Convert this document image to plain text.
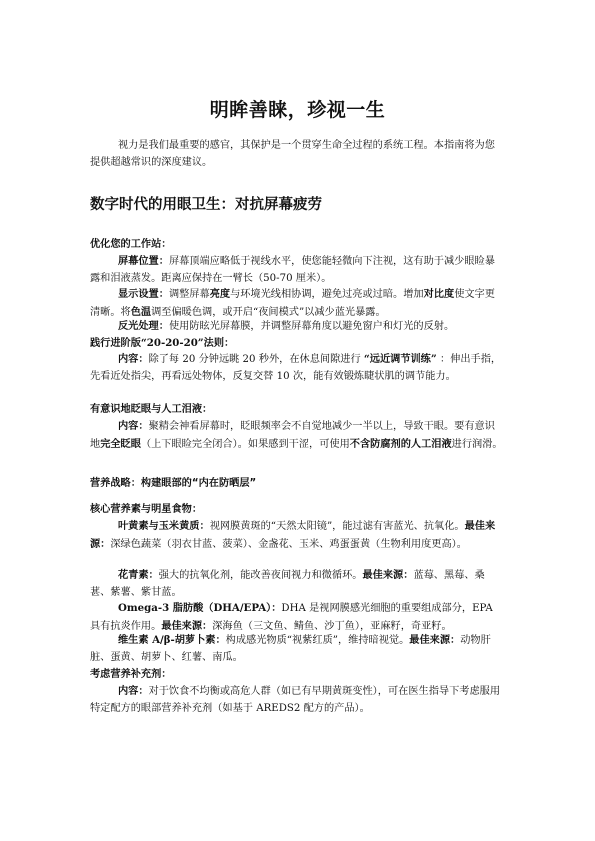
明眸善睐，珍视一生

视力是我们最重要的感官，其保护是一个贯穿生命全过程的系统工程。本指南将为您提供超越常识的深度建议。

数字时代的用眼卫生：对抗屏幕疲劳

优化您的工作站：

屏幕位置：屏幕顶端应略低于视线水平，使您能轻微向下注视，这有助于减少眼睑暴露和泪液蒸发。距离应保持在一臂长（50-70 厘米）。

显示设置：调整屏幕亮度与环境光线相协调，避免过亮或过暗。增加对比度使文字更清晰。将色温调至偏暖色调，或开启“夜间模式”以减少蓝光暴露。

反光处理：使用防眩光屏幕膜，并调整屏幕角度以避免窗户和灯光的反射。

践行进阶版“20-20-20”法则：

内容：除了每 20 分钟远眺 20 秒外，在休息间隙进行 “远近调节训练” ：伸出手指，先看近处指尖，再看远处物体，反复交替 10 次，能有效锻炼睫状肌的调节能力。

有意识地眨眼与人工泪液：

内容：聚精会神看屏幕时，眨眼频率会不自觉地减少一半以上，导致干眼。要有意识地完全眨眼（上下眼睑完全闭合）。如果感到干涩，可使用不含防腐剂的人工泪液进行润滑。

营养战略：构建眼部的“内在防晒层”

核心营养素与明星食物：

叶黄素与玉米黄质：视网膜黄斑的“天然太阳镜”，能过滤有害蓝光、抗氧化。最佳来源：深绿色蔬菜（羽衣甘蓝、菠菜）、金盏花、玉米、鸡蛋蛋黄（生物利用度更高）。

花青素：强大的抗氧化剂，能改善夜间视力和微循环。最佳来源：蓝莓、黑莓、桑葚、紫薯、紫甘蓝。

Omega-3 脂肪酸（DHA/EPA）：DHA 是视网膜感光细胞的重要组成部分，EPA 具有抗炎作用。最佳来源：深海鱼（三文鱼、鲭鱼、沙丁鱼），亚麻籽，奇亚籽。

维生素 A/β-胡萝卜素：构成感光物质“视紫红质”，维持暗视觉。最佳来源：动物肝脏、蛋黄、胡萝卜、红薯、南瓜。

考虑营养补充剂：

内容：对于饮食不均衡或高危人群（如已有早期黄斑变性），可在医生指导下考虑服用特定配方的眼部营养补充剂（如基于 AREDS2 配方的产品）。
